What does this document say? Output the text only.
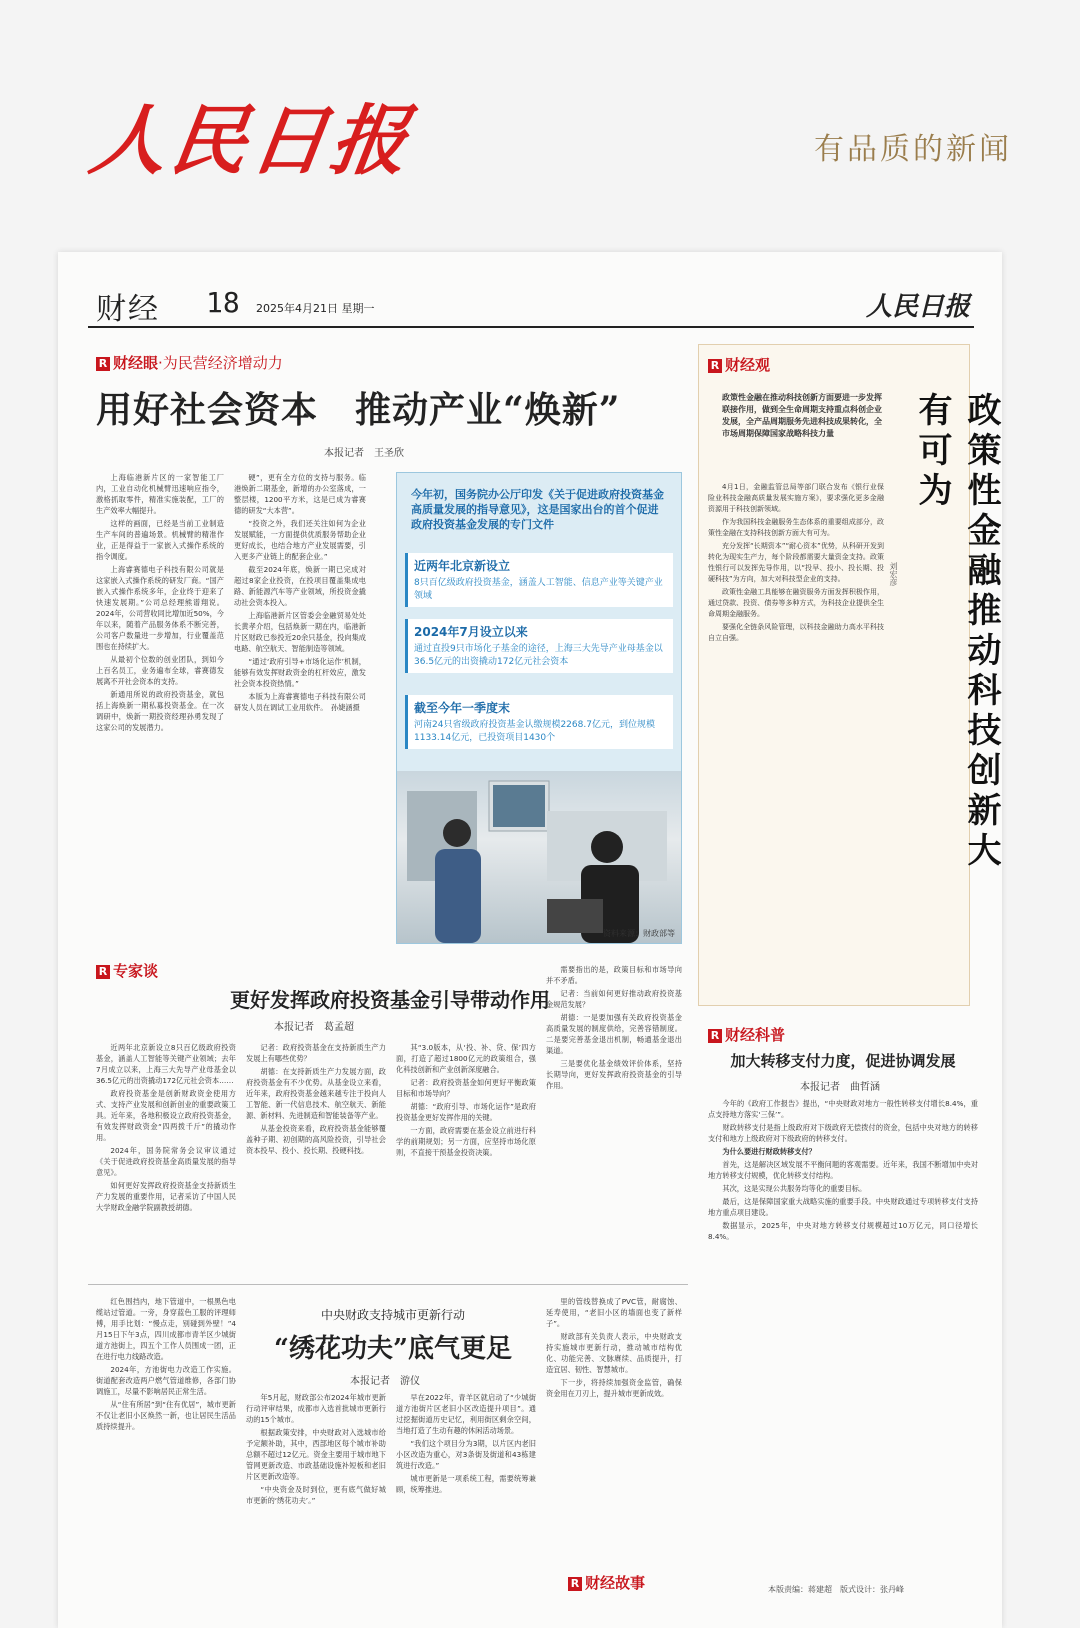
人民日报	有品质的新闻
财经 18 2025年4月21日 星期一	人民日报
R 财经眼·为民营经济增动力
用好社会资本　推动产业“焕新”
本报记者　王圣欣

上海临港新片区的一家智能工厂内，工业自动化机械臂迅速响应指令，激格抓取零件，精准实施装配，工厂的生产效率大幅提升。

这样的画面，已经是当前工业制造生产车间的普遍场景。机械臂的精准作业，正是得益于一家嵌入式操作系统的指令调度。

上海睿赛德电子科技有限公司就是这家嵌入式操作系统的研发厂商。“国产嵌入式操作系统多年，企业终于迎来了快速发展期。”公司总经理熊谱翔说。2024年，公司营收同比增加近50%，今年以来，随着产品服务体系不断完善，公司客户数量进一步增加，行业覆盖范围也在持续扩大。

从最初个位数的创业团队，到如今上百名员工，业务遍布全球，睿赛德发展离不开社会资本的支持。

新通用所说的政府投资基金，就包括上海焕新一期私募投资基金。在一次调研中，焕新一期投资经理孙勇发现了这家公司的发展潜力。

硬”，更有全方位的支持与服务。临港焕新二期基金，新增的办公室落成，一整层楼，1200平方米，这是已成为睿赛德的研发“大本营”。

“投资之外，我们还关注如何为企业发展赋能，一方面提供优质服务帮助企业更好成长，也结合地方产业发展需要，引入更多产业链上的配套企业。”

截至2024年底，焕新一期已完成对超过8家企业投资，在投项目覆盖集成电路、新能源汽车等产业领域，所投资金撬动社会资本投入。

上海临港新片区管委会金融贸易处处长黄孝介绍，包括焕新一期在内，临港新片区财政已参投近20余只基金，投向集成电路、航空航天、智能制造等领域。

“通过‘政府引导+市场化运作’机制，能够有效发挥财政资金的杠杆效应，激发社会资本投资热情。”

本版为上海睿赛德电子科技有限公司研发人员在调试工业用软件。　孙婕涵摄

今年初，国务院办公厅印发《关于促进政府投资基金高质量发展的指导意见》，这是国家出台的首个促进政府投资基金发展的专门文件
近两年北京新设立
8只百亿级政府投资基金，涵盖人工智能、信息产业等关键产业领域
2024年7月设立以来
通过直投9只市场化子基金的途径，上海三大先导产业母基金以36.5亿元的出资撬动172亿元社会资本
截至今年一季度末
河南24只省级政府投资基金认缴规模2268.7亿元，到位规模1133.14亿元，已投资项目1430个
资料来源：财政部等
R 专家谈
更好发挥政府投资基金引导带动作用
本报记者　葛孟超

近两年北京新设立8只百亿级政府投资基金，涵盖人工智能等关键产业领域；去年7月成立以来，上海三大先导产业母基金以36.5亿元的出资撬动172亿元社会资本……

政府投资基金是创新财政资金使用方式、支持产业发展和创新创业的重要政策工具。近年来，各地积极设立政府投资基金，有效发挥财政资金“四两拨千斤”的撬动作用。

2024年，国务院常务会议审议通过《关于促进政府投资基金高质量发展的指导意见》。

如何更好发挥政府投资基金支持新质生产力发展的重要作用，记者采访了中国人民大学财政金融学院副教授胡德。

记者：政府投资基金在支持新质生产力发展上有哪些优势？

胡德：在支持新质生产力发展方面，政府投资基金有不少优势。从基金设立来看，近年来，政府投资基金越来越专注于投向人工智能、新一代信息技术、航空航天、新能源、新材料、先进制造和智能装备等产业。

从基金投资来看，政府投资基金能够覆盖种子期、初创期的高风险投资，引导社会资本投早、投小、投长期、投硬科技。

其“3.0版本，从‘投、补、贷、保’四方面，打造了超过1800亿元的政策组合，强化科技创新和产业创新深度融合。

记者：政府投资基金如何更好平衡政策目标和市场导向？

胡德：“政府引导、市场化运作”是政府投资基金更好发挥作用的关键。

一方面，政府需要在基金设立前进行科学的前期规划；另一方面，应坚持市场化原则，不直接干预基金投资决策。

需要指出的是，政策目标和市场导向并不矛盾。

记者：当前如何更好推动政府投资基金规范发展？

胡德：一是要加强有关政府投资基金高质量发展的制度供给，完善容错制度。二是要完善基金退出机制，畅通基金退出渠道。

三是要优化基金绩效评价体系，坚持长期导向，更好发挥政府投资基金的引导作用。

红色围挡内，地下管道中，一根黑色电缆站过管道。一旁，身穿蓝色工服的评理师傅，用手比划：“慢点走，别碰到外壁！”4月15日下午3点，四川成都市青羊区少城街道方池街上，四五个工作人员围成一团，正在进行电力线路改造。

2024年，方池街电力改造工作实施。街道配套改造两户燃气管道维修，各部门协调施工，尽量不影响居民正常生活。

从“住有所居”到“住有优居”，城市更新不仅让老旧小区焕然一新，也让居民生活品质持续提升。

中央财政支持城市更新行动
“绣花功夫”底气更足
本报记者　游仪

年5月起，财政部公布2024年城市更新行动评审结果，成都市入选首批城市更新行动的15个城市。

根据政策安排，中央财政对入选城市给予定额补助，其中，西部地区每个城市补助总额不超过12亿元。资金主要用于城市地下管网更新改造、市政基础设施补短板和老旧片区更新改造等。

“中央资金及时到位，更有底气做好城市更新的‘绣花功夫’。”

早在2022年，青羊区就启动了“少城街道方池街片区老旧小区改造提升项目”。通过挖掘街道历史记忆，利用街区剩余空间，当地打造了生动有趣的休闲活动场景。

“我们这个项目分为3期，以片区内老旧小区改造为重心，对3条街及街道和43栋建筑进行改造。”

城市更新是一项系统工程，需要统筹兼顾，统筹推进。

里的管线替换成了PVC管，耐腐蚀、延寿使用，“老旧小区的墙面也变了新样子”。

财政部有关负责人表示，中央财政支持实施城市更新行动，推动城市结构优化、功能完善、文脉赓续、品质提升，打造宜居、韧性、智慧城市。

下一步，将持续加强资金监管，确保资金用在刀刃上，提升城市更新成效。

R 财经故事
R 财经观
政策性金融在推动科技创新方面要进一步发挥联接作用，做到全生命周期支持重点科创企业发展，全产品周期服务先进科技成果转化，全市场周期保障国家战略科技力量	政策性金融推动科技创新大有可为
刘宏彦

4月1日，金融监管总局等部门联合发布《银行业保险业科技金融高质量发展实施方案》，要求强化更多金融资源用于科技创新领域。

作为我国科技金融服务生态体系的重要组成部分，政策性金融在支持科技创新方面大有可为。

充分发挥“长期资本”“耐心资本”优势，从科研开发到转化为现实生产力，每个阶段都需要大量资金支持。政策性银行可以发挥先导作用，以“投早、投小、投长期、投硬科技”为方向，加大对科技型企业的支持。

政策性金融工具能够在融资服务方面发挥积极作用，通过贷款、投资、债券等多种方式，为科技企业提供全生命周期金融服务。

要强化全链条风险管理，以科技金融助力高水平科技自立自强。

R 财经科普
加大转移支付力度，促进协调发展
本报记者　曲哲涵

今年的《政府工作报告》提出，“中央财政对地方一般性转移支付增长8.4%，重点支持地方落实‘三保’”。

财政转移支付是指上级政府对下级政府无偿拨付的资金，包括中央对地方的转移支付和地方上级政府对下级政府的转移支付。

为什么要进行财政转移支付？

首先，这是解决区域发展不平衡问题的客观需要。近年来，我国不断增加中央对地方转移支付规模，优化转移支付结构。

其次，这是实现公共服务均等化的重要目标。

最后，这是保障国家重大战略实施的重要手段。中央财政通过专项转移支付支持地方重点项目建设。

数据显示，2025年，中央对地方转移支付规模超过10万亿元，同口径增长8.4%。

本版责编：蒋建超　版式设计：张丹峰
